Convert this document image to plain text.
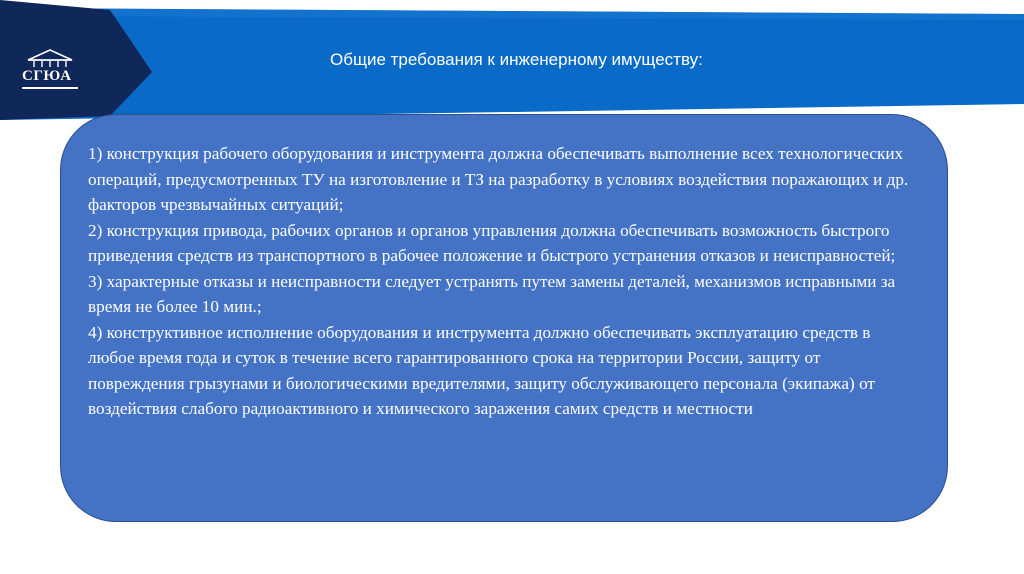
СГЮА
Общие требования к инженерному имуществу:

1) конструкция рабочего оборудования и инструмента должна обеспечивать выполнение всех технологических операций, предусмотренных ТУ на изготовление и ТЗ на разработку в условиях воздействия поражающих и др. факторов чрезвычайных ситуаций;

2) конструкция привода, рабочих органов и органов управления должна обеспечивать возможность быстрого приведения средств из транспортного в рабочее положение и быстрого устранения отказов и неисправностей;

3) характерные отказы и неисправности следует устранять путем замены деталей, механизмов исправными за время не более 10 мин.;

4) конструктивное исполнение оборудования и инструмента должно обеспечивать эксплуатацию средств в любое время года и суток в течение всего гарантированного срока на территории России, защиту от повреждения грызунами и биологическими вредителями, защиту обслуживающего персонала (экипажа) от воздействия слабого радиоактивного и химического заражения самих средств и местности
